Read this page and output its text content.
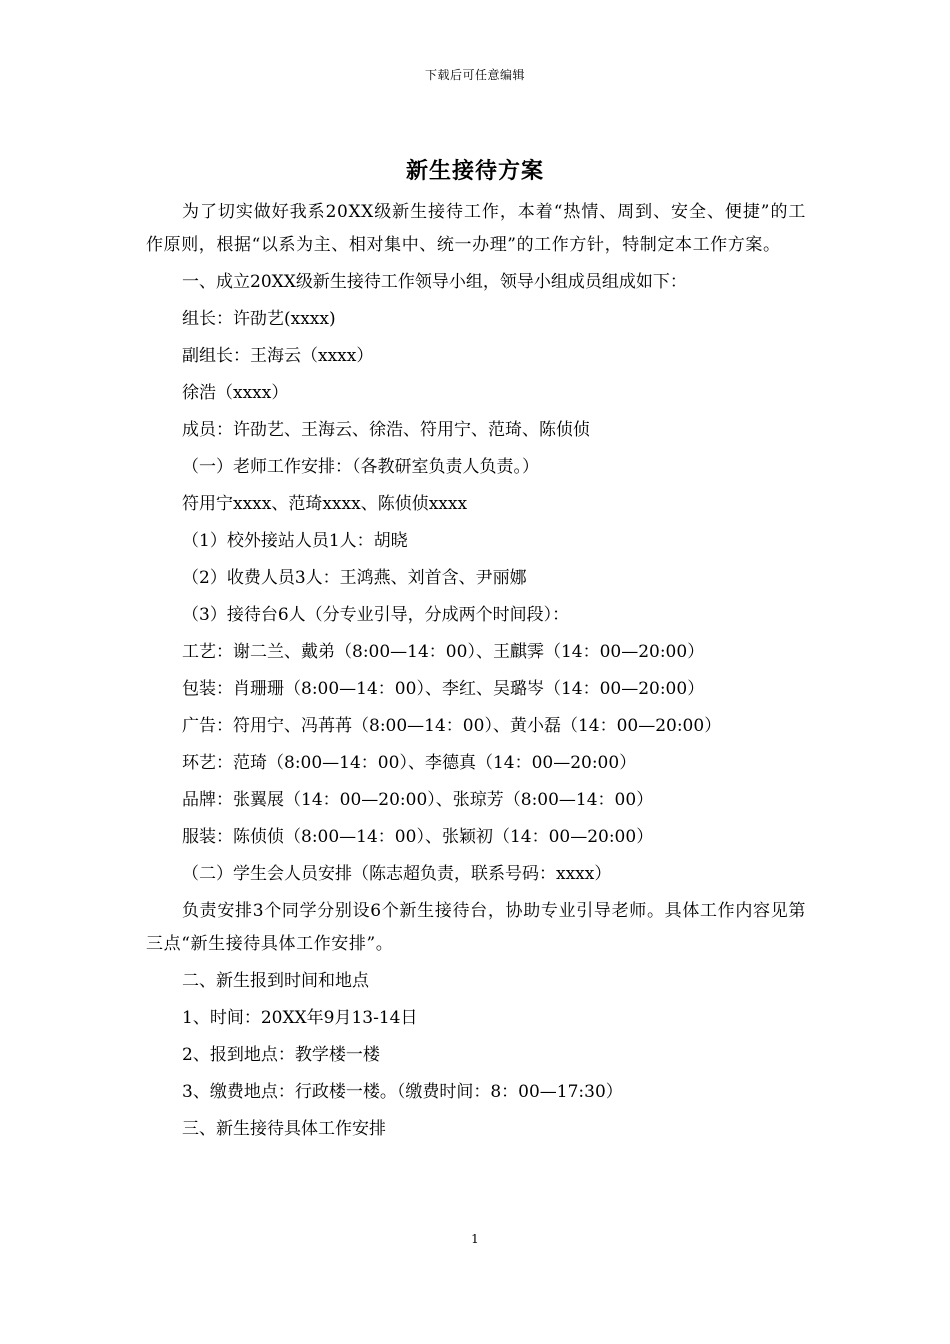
下载后可任意编辑
新生接待方案

为了切实做好我系20XX级新生接待工作，本着“热情、周到、安全、便捷”的工作原则，根据“以系为主、相对集中、统一办理”的工作方针，特制定本工作方案。

一、成立20XX级新生接待工作领导小组，领导小组成员组成如下：

组长：许劭艺(xxxx)

副组长：王海云（xxxx）

徐浩（xxxx）

成员：许劭艺、王海云、徐浩、符用宁、范琦、陈侦侦

（一）老师工作安排：（各教研室负责人负责。）

符用宁xxxx、范琦xxxx、陈侦侦xxxx

（1）校外接站人员1人：胡晓

（2）收费人员3人：王鸿燕、刘首含、尹丽娜

（3）接待台6人（分专业引导，分成两个时间段）：

工艺：谢二兰、戴弟（8:00—14：00）、王麒霁（14：00—20:00）

包装：肖珊珊（8:00—14：00）、李红、吴璐岑（14：00—20:00）

广告：符用宁、冯苒苒（8:00—14：00）、黄小磊（14：00—20:00）

环艺：范琦（8:00—14：00）、李德真（14：00—20:00）

品牌：张翼展（14：00—20:00）、张琼芳（8:00—14：00）

服装：陈侦侦（8:00—14：00）、张颖初（14：00—20:00）

（二）学生会人员安排（陈志超负责，联系号码：xxxx）

负责安排3个同学分别设6个新生接待台，协助专业引导老师。具体工作内容见第三点“新生接待具体工作安排”。

二、新生报到时间和地点

1、时间：20XX年9月13-14日

2、报到地点：教学楼一楼

3、缴费地点：行政楼一楼。（缴费时间：8：00—17:30）

三、新生接待具体工作安排

1
